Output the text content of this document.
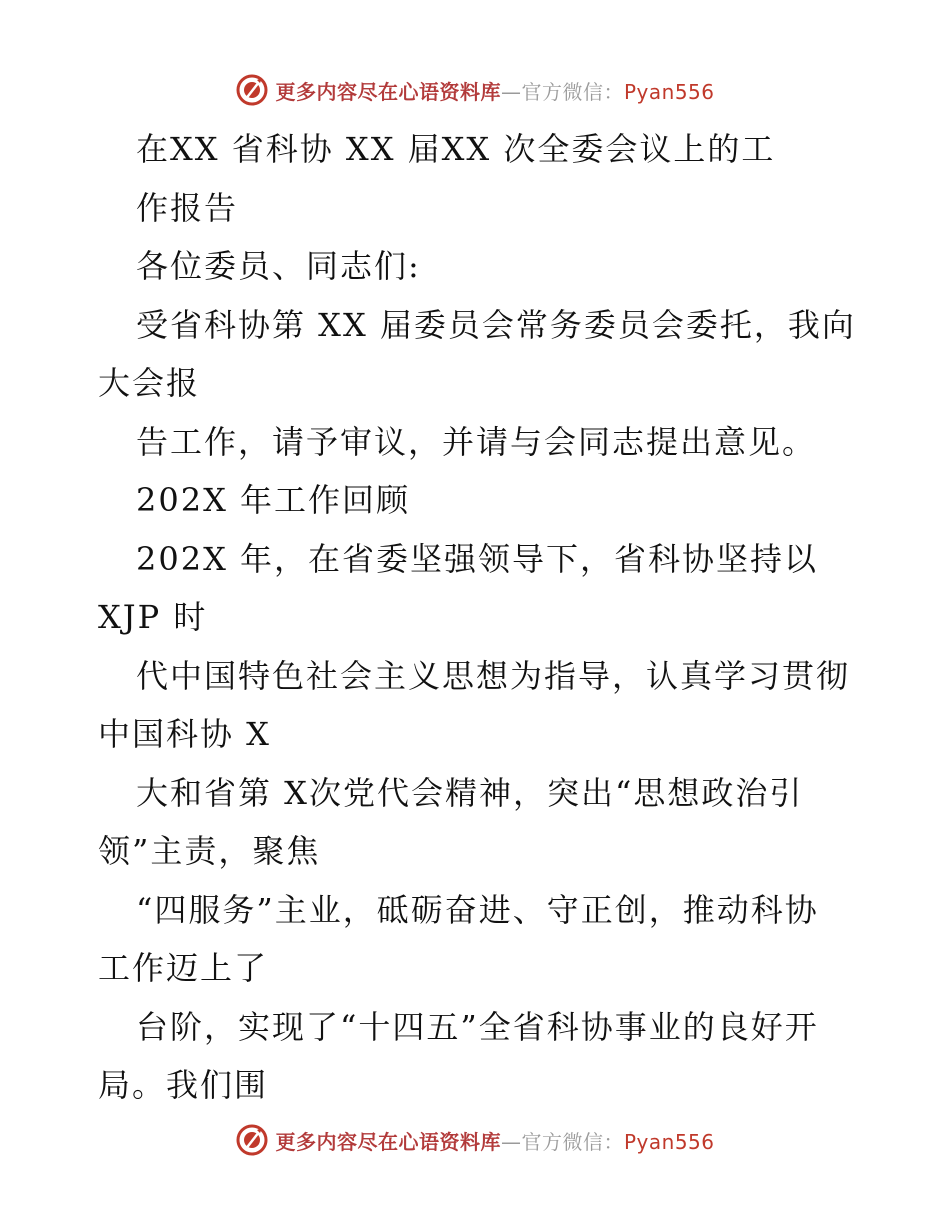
更多内容尽在心语资料库—官方微信：Pyan556
在XX 省科协 XX 届XX 次全委会议上的工
作报告
各位委员、同志们:
受省科协第 XX 届委员会常务委员会委托，我向
大会报
告工作，请予审议，并请与会同志提出意见。
202X 年工作回顾
202X 年，在省委坚强领导下，省科协坚持以
XJP 时
代中国特色社会主义思想为指导，认真学习贯彻
中国科协 X
大和省第 X次党代会精神，突出“思想政治引
领”主责，聚焦
“四服务”主业，砥砺奋进、守正创，推动科协
工作迈上了
台阶，实现了“十四五”全省科协事业的良好开
局。我们围
更多内容尽在心语资料库—官方微信：Pyan556
